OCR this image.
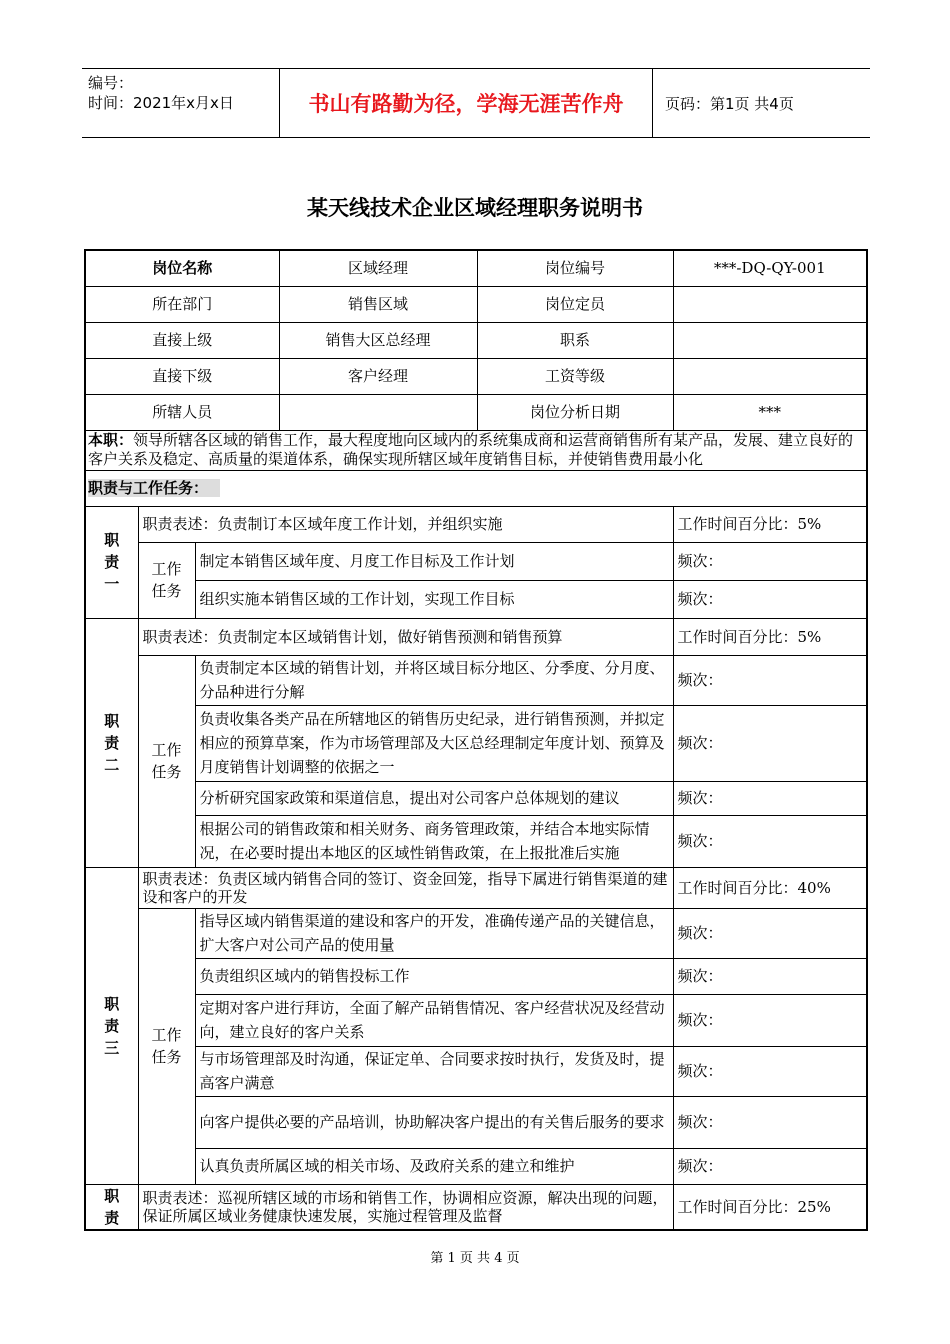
编号：
时间：2021年x月x日	书山有路勤为径，学海无涯苦作舟	页码：第1页 共4页
某天线技术企业区域经理职务说明书
岗位名称			区域经理	岗位编号	***-DQ-QY-001
所在部门			销售区域	岗位定员	
直接上级			销售大区总经理	职系	
直接下级			客户经理	工资等级	
所辖人员				岗位分析日期	***
本职：领导所辖各区域的销售工作，最大程度地向区域内的系统集成商和运营商销售所有某产品，发展、建立良好的客户关系及稳定、高质量的渠道体系，确保实现所辖区域年度销售目标，并使销售费用最小化					
职责与工作任务：					

职
责
一	职责表述：负责制订本区域年度工作计划，并组织实施				工作时间百分比：5%

	工作
任务	制定本销售区域年度、月度工作目标及工作计划			频次：
		组织实施本销售区域的工作计划，实现工作目标			频次：

职
责
二	职责表述：负责制定本区域销售计划，做好销售预测和销售预算				工作时间百分比：5%

	工作
任务	负责制定本区域的销售计划，并将区域目标分地区、分季度、分月度、分品种进行分解			频次：
		负责收集各类产品在所辖地区的销售历史纪录，进行销售预测，并拟定相应的预算草案，作为市场管理部及大区总经理制定年度计划、预算及月度销售计划调整的依据之一			频次：
		分析研究国家政策和渠道信息，提出对公司客户总体规划的建议			频次：
		根据公司的销售政策和相关财务、商务管理政策，并结合本地实际情况，在必要时提出本地区的区域性销售政策，在上报批准后实施			频次：

职
责
三	职责表述：负责区域内销售合同的签订、资金回笼，指导下属进行销售渠道的建设和客户的开发				工作时间百分比：40%

	工作
任务	指导区域内销售渠道的建设和客户的开发，准确传递产品的关键信息，扩大客户对公司产品的使用量			频次：
		负责组织区域内的销售投标工作			频次：
		定期对客户进行拜访，全面了解产品销售情况、客户经营状况及经营动向，建立良好的客户关系			频次：
		与市场管理部及时沟通，保证定单、合同要求按时执行，发货及时，提高客户满意			频次：
		向客户提供必要的产品培训，协助解决客户提出的有关售后服务的要求			频次：
		认真负责所属区域的相关市场、及政府关系的建立和维护			频次：

职
责	职责表述：巡视所辖区域的市场和销售工作，协调相应资源，解决出现的问题，保证所属区域业务健康快速发展，实施过程管理及监督				工作时间百分比：25%
第 1 页 共 4 页
